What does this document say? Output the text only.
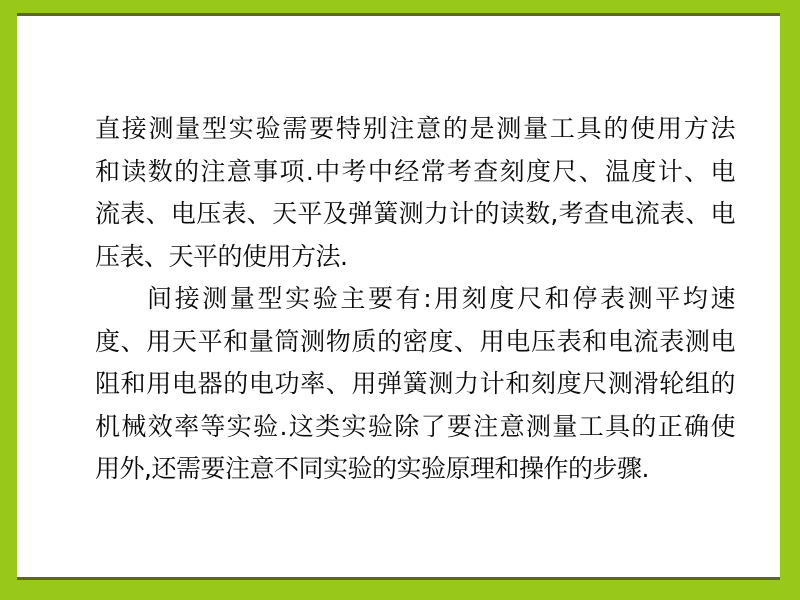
直接测量型实验需要特别注意的是测量工具的使用方法
和读数的注意事项.中考中经常考查刻度尺、温度计、电
流表、电压表、天平及弹簧测力计的读数,考查电流表、电
压表、天平的使用方法.
间接测量型实验主要有:用刻度尺和停表测平均速
度、用天平和量筒测物质的密度、用电压表和电流表测电
阻和用电器的电功率、用弹簧测力计和刻度尺测滑轮组的
机械效率等实验.这类实验除了要注意测量工具的正确使
用外,还需要注意不同实验的实验原理和操作的步骤.
